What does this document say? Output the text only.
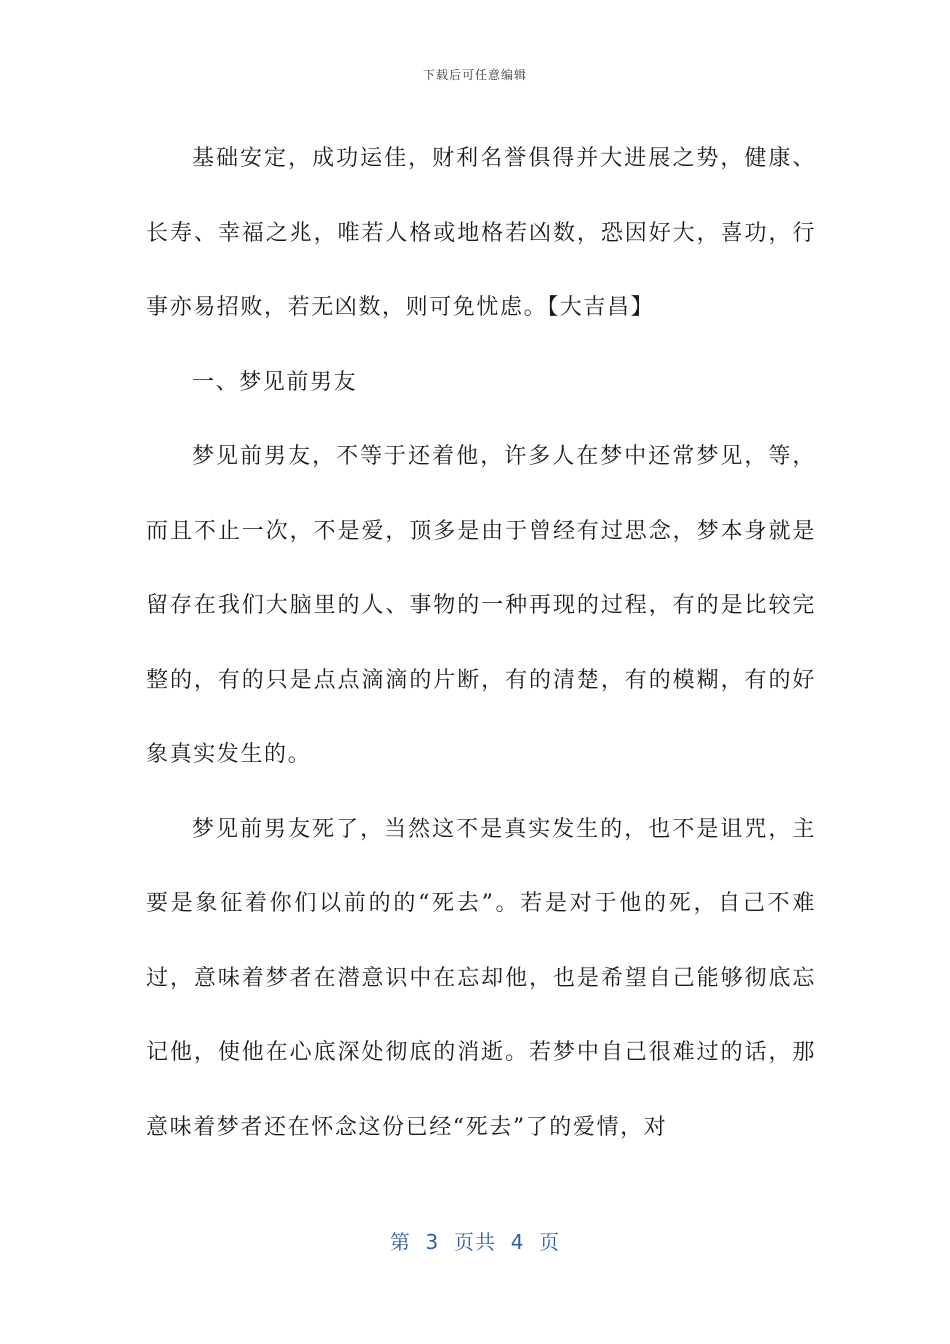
下载后可任意编辑

基础安定，成功运佳，财利名誉俱得并大进展之势，健康、长寿、幸福之兆，唯若人格或地格若凶数，恐因好大，喜功，行事亦易招败，若无凶数，则可免忧虑。【大吉昌】

一、梦见前男友

梦见前男友，不等于还着他，许多人在梦中还常梦见，等，而且不止一次，不是爱，顶多是由于曾经有过思念，梦本身就是留存在我们大脑里的人、事物的一种再现的过程，有的是比较完整的，有的只是点点滴滴的片断，有的清楚，有的模糊，有的好象真实发生的。

梦见前男友死了，当然这不是真实发生的，也不是诅咒，主要是象征着你们以前的的“死去”。若是对于他的死，自己不难过，意味着梦者在潜意识中在忘却他，也是希望自己能够彻底忘记他，使他在心底深处彻底的消逝。若梦中自己很难过的话，那意味着梦者还在怀念这份已经“死去”了的爱情，对

第  3  页共  4  页
